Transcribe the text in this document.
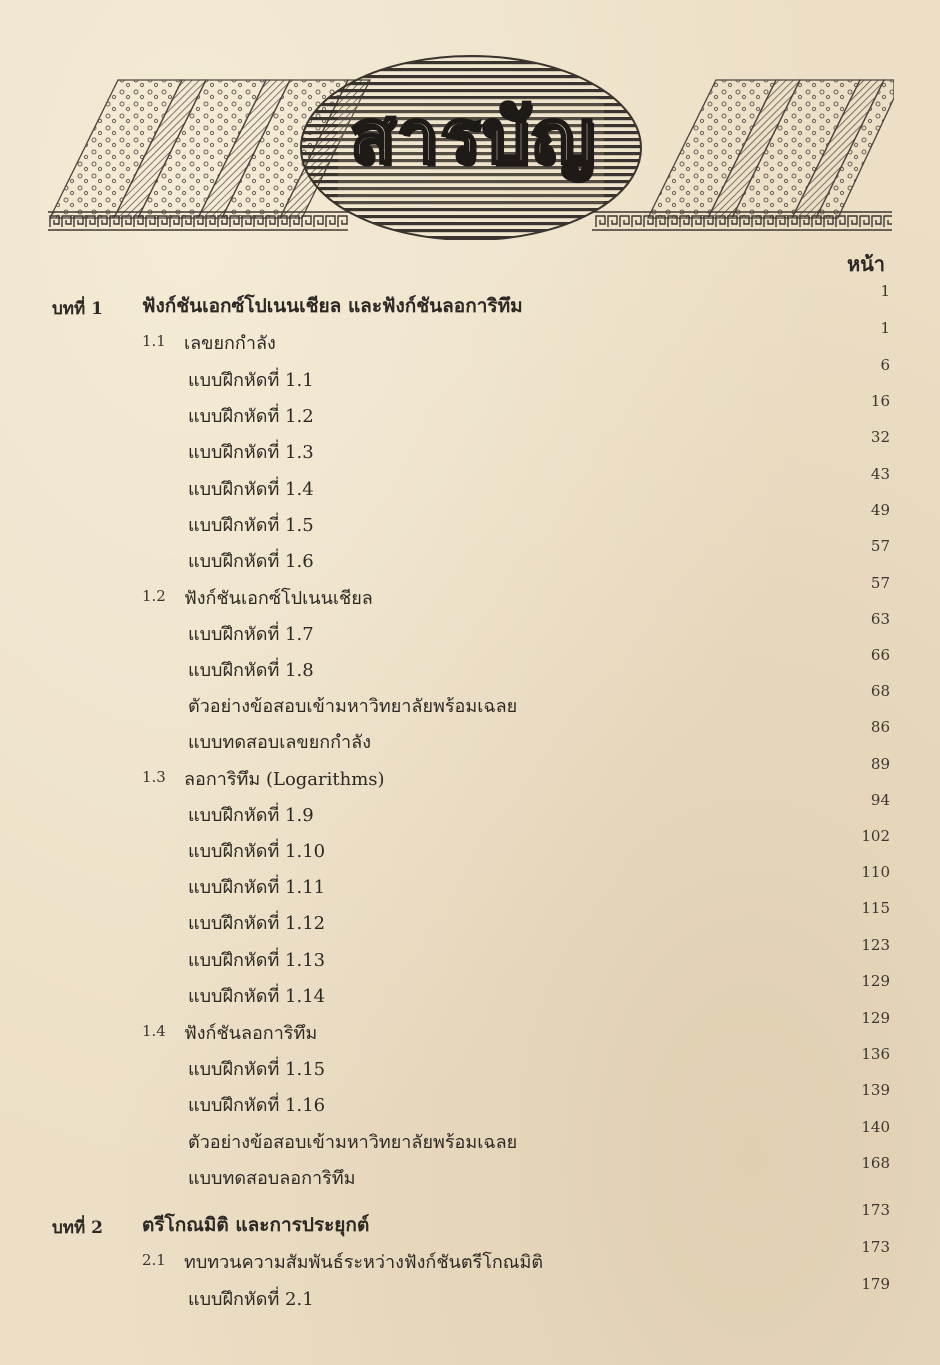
สารบัญ
หน้า
บทที่ 1 ฟังก์ชันเอกซ์โปเนนเชียล และฟังก์ชันลอการิทึม
1
1.1 เลขยกกำลัง
1
แบบฝึกหัดที่ 1.1
6
แบบฝึกหัดที่ 1.2
16
แบบฝึกหัดที่ 1.3
32
แบบฝึกหัดที่ 1.4
43
แบบฝึกหัดที่ 1.5
49
แบบฝึกหัดที่ 1.6
57
1.2 ฟังก์ชันเอกซ์โปเนนเชียล
57
แบบฝึกหัดที่ 1.7
63
แบบฝึกหัดที่ 1.8
66
ตัวอย่างข้อสอบเข้ามหาวิทยาลัยพร้อมเฉลย
68
แบบทดสอบเลขยกกำลัง
86
1.3 ลอการิทึม (Logarithms)
89
แบบฝึกหัดที่ 1.9
94
แบบฝึกหัดที่ 1.10
102
แบบฝึกหัดที่ 1.11
110
แบบฝึกหัดที่ 1.12
115
แบบฝึกหัดที่ 1.13
123
แบบฝึกหัดที่ 1.14
129
1.4 ฟังก์ชันลอการิทึม
129
แบบฝึกหัดที่ 1.15
136
แบบฝึกหัดที่ 1.16
139
ตัวอย่างข้อสอบเข้ามหาวิทยาลัยพร้อมเฉลย
140
แบบทดสอบลอการิทึม
168
บทที่ 2 ตรีโกณมิติ และการประยุกต์
173
2.1 ทบทวนความสัมพันธ์ระหว่างฟังก์ชันตรีโกณมิติ
173
แบบฝึกหัดที่ 2.1
179
